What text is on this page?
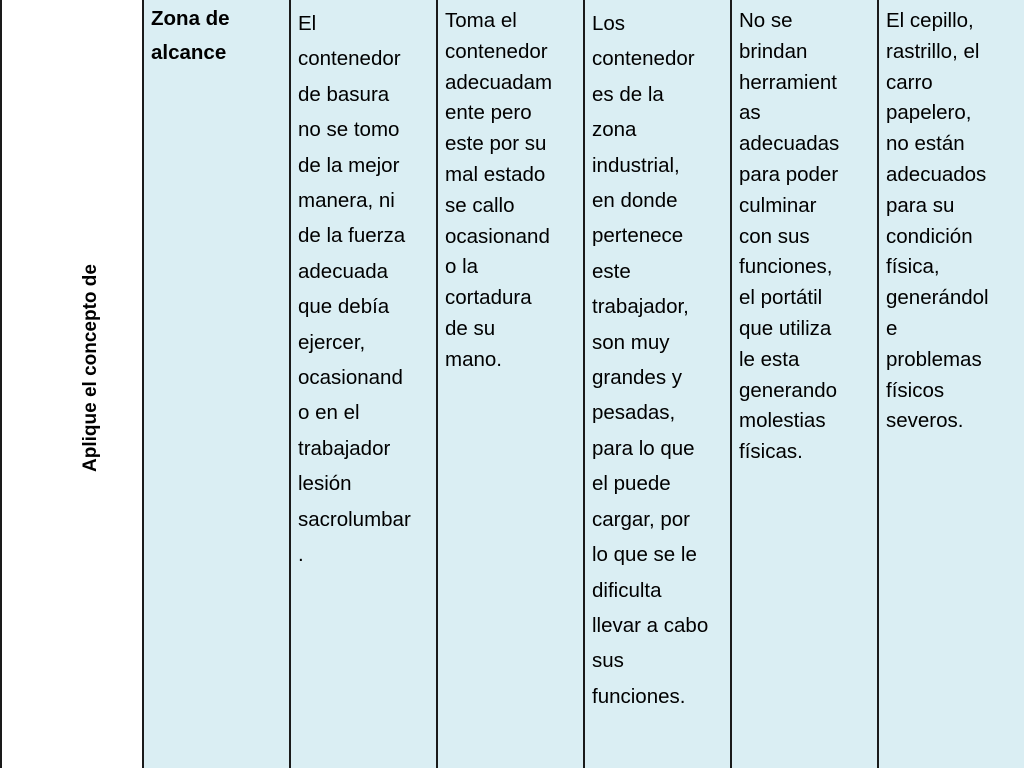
Aplique el concepto de

Zona de
alcance

El
contenedor
de basura
no se tomo
de la mejor
manera, ni
de la fuerza
adecuada
que debía
ejercer,
ocasionand
o en el
trabajador
lesión
sacrolumbar
.

Toma el
contenedor
adecuadam
ente pero
este por su
mal estado
se callo
ocasionand
o la
cortadura
de su
mano.

Los
contenedor
es de la
zona
industrial,
en donde
pertenece
este
trabajador,
son muy
grandes y
pesadas,
para lo que
el puede
cargar, por
lo que se le
dificulta
llevar a cabo
sus
funciones.

No se
brindan
herramient
as
adecuadas
para poder
culminar
con sus
funciones,
el portátil
que utiliza
le esta
generando
molestias
físicas.

El cepillo,
rastrillo, el
carro
papelero,
no están
adecuados
para su
condición
física,
generándol
e
problemas
físicos
severos.
